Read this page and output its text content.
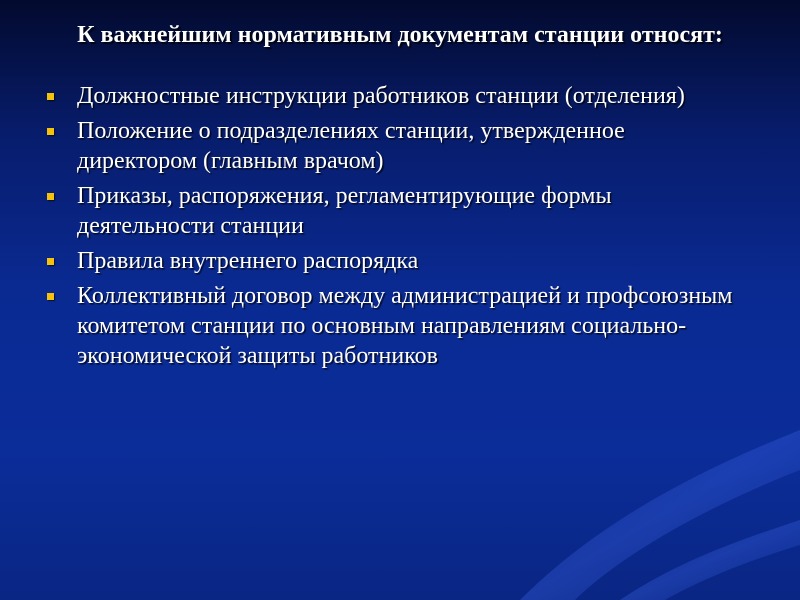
К важнейшим нормативным документам станции относят:
Должностные инструкции работников станции (отделения)
Положение о подразделениях станции, утвержденное директором (главным врачом)
Приказы, распоряжения, регламентирующие формы деятельности станции
Правила внутреннего распорядка
Коллективный договор между администрацией и профсоюзным комитетом станции по основным направлениям социально-экономической защиты работников
